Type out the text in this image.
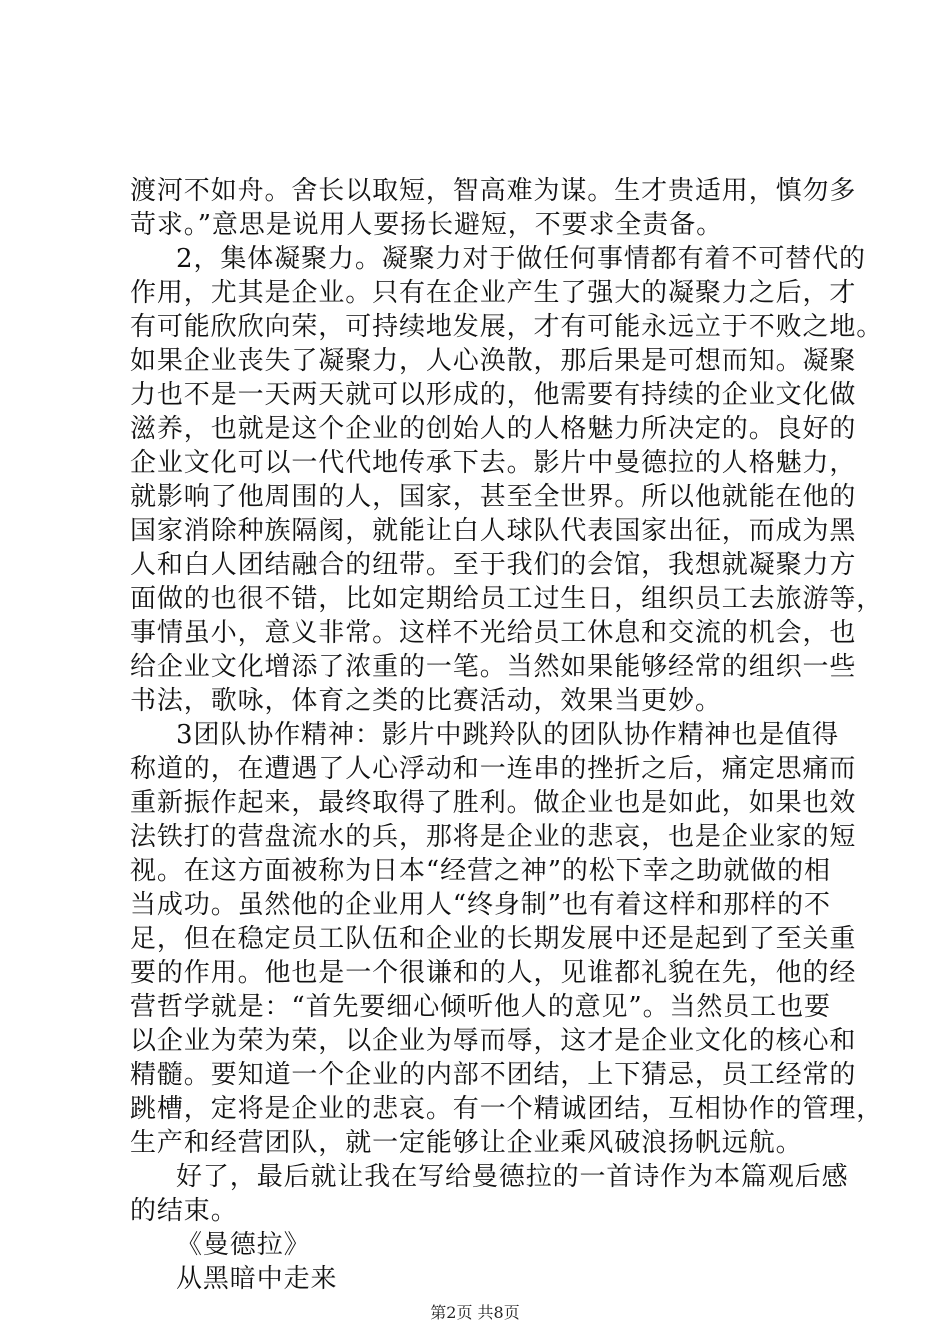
渡河不如舟。舍长以取短，智高难为谋。生才贵适用，慎勿多
苛求。”意思是说用人要扬长避短，不要求全责备。
2，集体凝聚力。凝聚力对于做任何事情都有着不可替代的
作用，尤其是企业。只有在企业产生了强大的凝聚力之后，才
有可能欣欣向荣，可持续地发展，才有可能永远立于不败之地。
如果企业丧失了凝聚力，人心涣散，那后果是可想而知。凝聚
力也不是一天两天就可以形成的，他需要有持续的企业文化做
滋养，也就是这个企业的创始人的人格魅力所决定的。良好的
企业文化可以一代代地传承下去。影片中曼德拉的人格魅力，
就影响了他周围的人，国家，甚至全世界。所以他就能在他的
国家消除种族隔阂，就能让白人球队代表国家出征，而成为黑
人和白人团结融合的纽带。至于我们的会馆，我想就凝聚力方
面做的也很不错，比如定期给员工过生日，组织员工去旅游等，
事情虽小，意义非常。这样不光给员工休息和交流的机会，也
给企业文化增添了浓重的一笔。当然如果能够经常的组织一些
书法，歌咏，体育之类的比赛活动，效果当更妙。
3团队协作精神：影片中跳羚队的团队协作精神也是值得
称道的，在遭遇了人心浮动和一连串的挫折之后，痛定思痛而
重新振作起来，最终取得了胜利。做企业也是如此，如果也效
法铁打的营盘流水的兵，那将是企业的悲哀，也是企业家的短
视。在这方面被称为日本“经营之神”的松下幸之助就做的相
当成功。虽然他的企业用人“终身制”也有着这样和那样的不
足，但在稳定员工队伍和企业的长期发展中还是起到了至关重
要的作用。他也是一个很谦和的人，见谁都礼貌在先，他的经
营哲学就是：“首先要细心倾听他人的意见”。当然员工也要
以企业为荣为荣，以企业为辱而辱，这才是企业文化的核心和
精髓。要知道一个企业的内部不团结，上下猜忌，员工经常的
跳槽，定将是企业的悲哀。有一个精诚团结，互相协作的管理，
生产和经营团队，就一定能够让企业乘风破浪扬帆远航。
好了，最后就让我在写给曼德拉的一首诗作为本篇观后感
的结束。
《曼德拉》
从黑暗中走来
第2页 共8页
